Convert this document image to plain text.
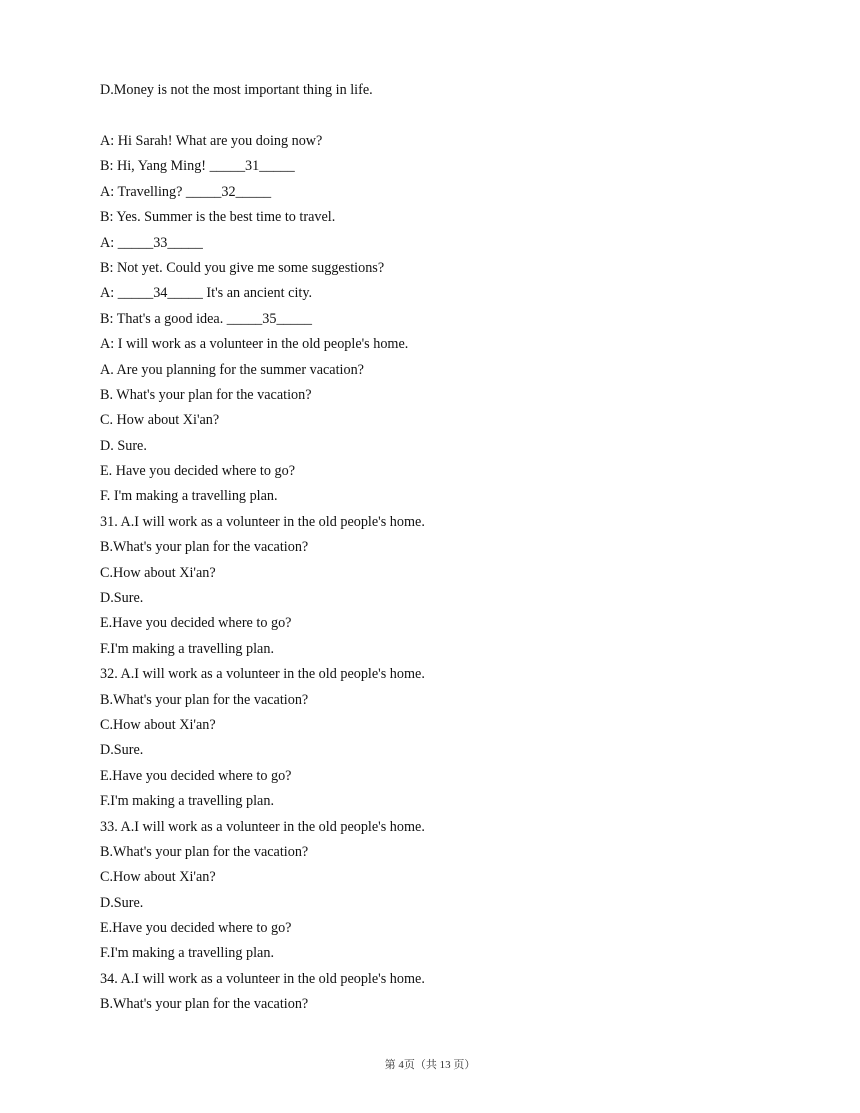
D.Money is not the most important thing in life.
A: Hi Sarah! What are you doing now?
B: Hi, Yang Ming! _____31_____
A: Travelling? _____32_____
B: Yes. Summer is the best time to travel.
A: _____33_____
B: Not yet. Could you give me some suggestions?
A: _____34_____ It's an ancient city.
B: That's a good idea. _____35_____
A: I will work as a volunteer in the old people's home.
A. Are you planning for the summer vacation?
B. What's your plan for the vacation?
C. How about Xi'an?
D. Sure.
E. Have you decided where to go?
F. I'm making a travelling plan.
31. A.I will work as a volunteer in the old people's home.
B.What's your plan for the vacation?
C.How about Xi'an?
D.Sure.
E.Have you decided where to go?
F.I'm making a travelling plan.
32. A.I will work as a volunteer in the old people's home.
B.What's your plan for the vacation?
C.How about Xi'an?
D.Sure.
E.Have you decided where to go?
F.I'm making a travelling plan.
33. A.I will work as a volunteer in the old people's home.
B.What's your plan for the vacation?
C.How about Xi'an?
D.Sure.
E.Have you decided where to go?
F.I'm making a travelling plan.
34. A.I will work as a volunteer in the old people's home.
B.What's your plan for the vacation?
第 4页（共 13 页）
